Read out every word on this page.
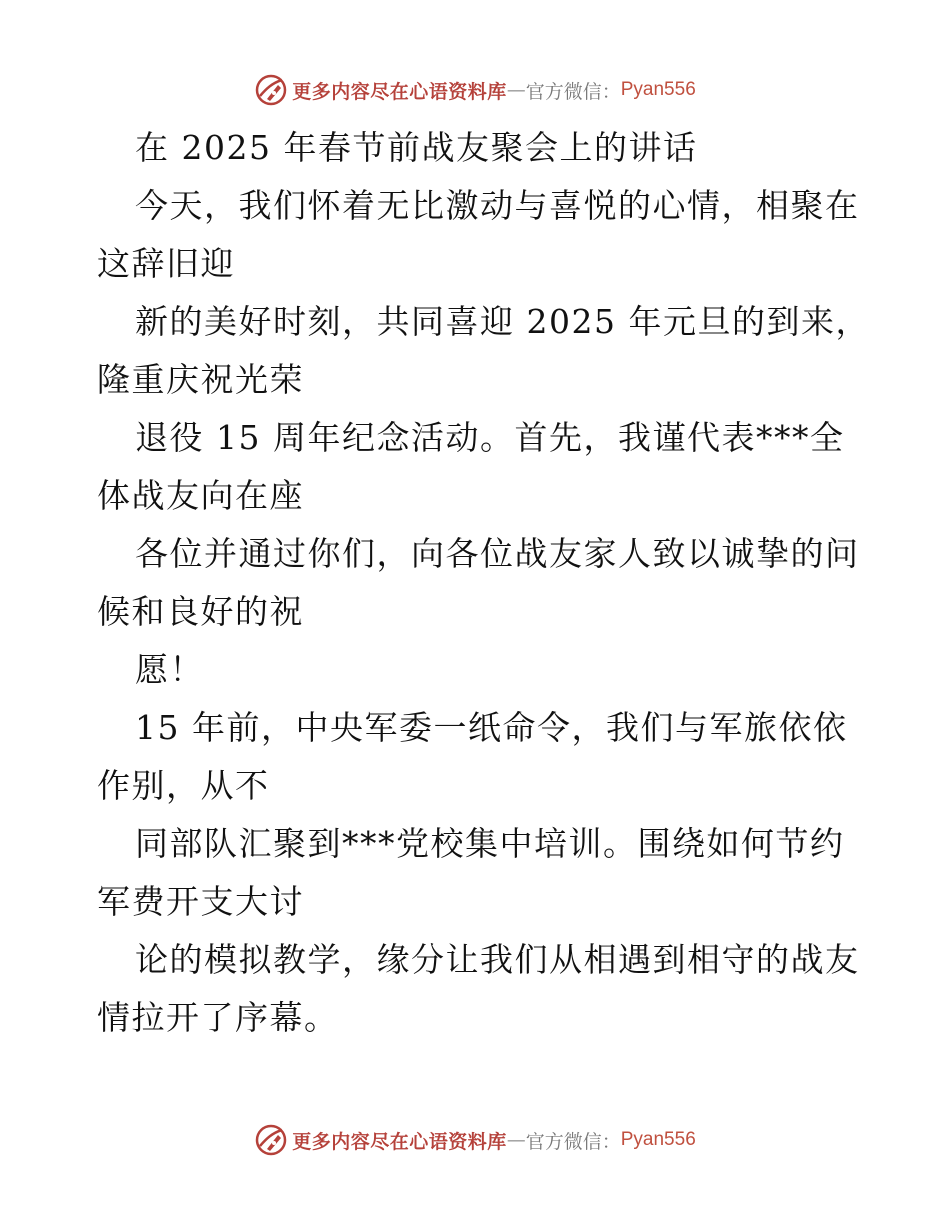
更多内容尽在心语资料库 — 官方微信： Pyan556
在 2025 年春节前战友聚会上的讲话
今天，我们怀着无比激动与喜悦的心情，相聚在
这辞旧迎
新的美好时刻，共同喜迎 2025 年元旦的到来，
隆重庆祝光荣
退役 15 周年纪念活动。首先，我谨代表***全
体战友向在座
各位并通过你们，向各位战友家人致以诚挚的问
候和良好的祝
愿！
15 年前，中央军委一纸命令，我们与军旅依依
作别，从不
同部队汇聚到***党校集中培训。围绕如何节约
军费开支大讨
论的模拟教学，缘分让我们从相遇到相守的战友
情拉开了序幕。
更多内容尽在心语资料库 — 官方微信： Pyan556
